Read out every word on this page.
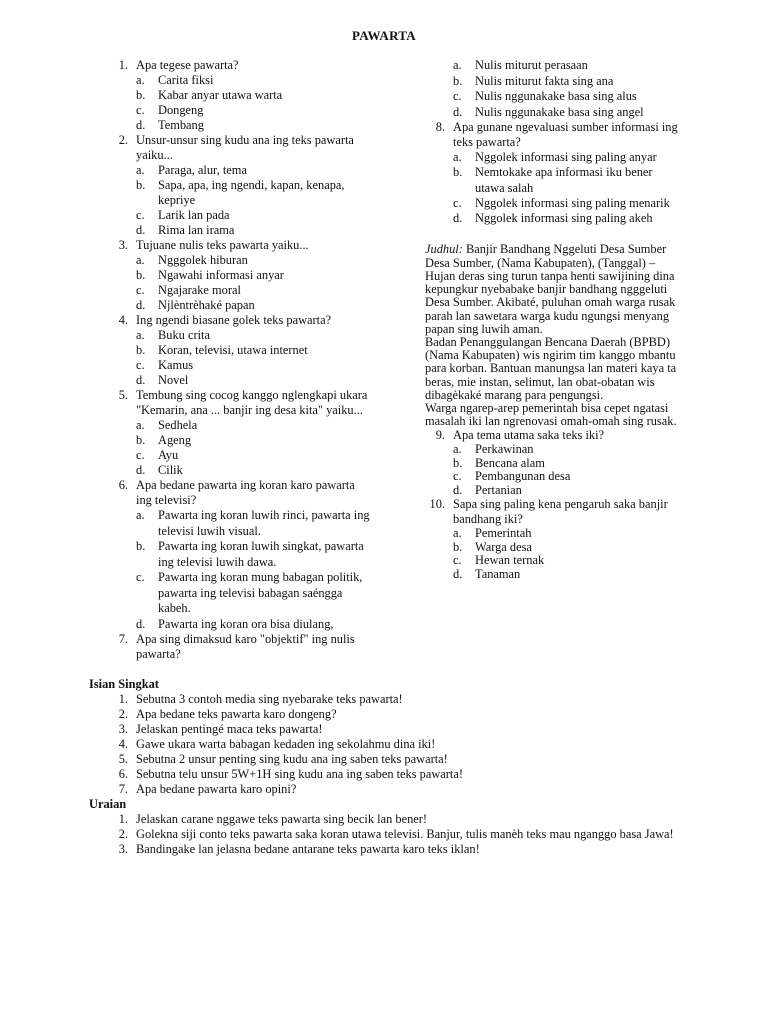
PAWARTA
1. Apa tegese pawarta?
a. Carita fiksi
b. Kabar anyar utawa warta
c. Dongeng
d. Tembang
2. Unsur-unsur sing kudu ana ing teks pawarta yaiku...
a. Paraga, alur, tema
b. Sapa, apa, ing ngendi, kapan, kenapa, kepriye
c. Larik lan pada
d. Rima lan irama
3. Tujuane nulis teks pawarta yaiku...
a. Ngggolek hiburan
b. Ngawahi informasi anyar
c. Ngajarake moral
d. Njlèntrèhaké papan
4. Ing ngendi biasane golek teks pawarta?
a. Buku crita
b. Koran, televisi, utawa internet
c. Kamus
d. Novel
5. Tembung sing cocog kanggo nglengkapi ukara "Kemarin, ana ... banjir ing desa kita" yaiku...
a. Sedhela
b. Ageng
c. Ayu
d. Cilik
6. Apa bedane pawarta ing koran karo pawarta ing televisi?
a. Pawarta ing koran luwih rinci, pawarta ing televisi luwih visual.
b. Pawarta ing koran luwih singkat, pawarta ing televisi luwih dawa.
c. Pawarta ing koran mung babagan politik, pawarta ing televisi babagan saéngga kabeh.
d. Pawarta ing koran ora bisa diulang,
7. Apa sing dimaksud karo "objektif" ing nulis pawarta?
a. Nulis miturut perasaan
b. Nulis miturut fakta sing ana
c. Nulis nggunakake basa sing alus
d. Nulis nggunakake basa sing angel
8. Apa gunane ngevaluasi sumber informasi ing teks pawarta?
a. Nggolek informasi sing paling anyar
b. Nemtokake apa informasi iku bener utawa salah
c. Nggolek informasi sing paling menarik
d. Nggolek informasi sing paling akeh

Judhul: Banjir Bandhang Nggeluti Desa Sumber

Desa Sumber, (Nama Kabupaten), (Tanggal) – Hujan deras sing turun tanpa henti sawijining dina kepungkur nyebabake banjir bandhang ngggeluti Desa Sumber. Akibaté, puluhan omah warga rusak parah lan sawetara warga kudu ngungsi menyang papan sing luwih aman.

Badan Penanggulangan Bencana Daerah (BPBD) (Nama Kabupaten) wis ngirim tim kanggo mbantu para korban. Bantuan manungsa lan materi kaya ta beras, mie instan, selimut, lan obat-obatan wis dibagèkaké marang para pengungsi.

Warga ngarep-arep pemerintah bisa cepet ngatasi masalah iki lan ngrenovasi omah-omah sing rusak.

9. Apa tema utama saka teks iki?
a. Perkawinan
b. Bencana alam
c. Pembangunan desa
d. Pertanian
10. Sapa sing paling kena pengaruh saka banjir bandhang iki?
a. Pemerintah
b. Warga desa
c. Hewan ternak
d. Tanaman
Isian Singkat
1. Sebutna 3 contoh media sing nyebarake teks pawarta!
2. Apa bedane teks pawarta karo dongeng?
3. Jelaskan pentingé maca teks pawarta!
4. Gawe ukara warta babagan kedaden ing sekolahmu dina iki!
5. Sebutna 2 unsur penting sing kudu ana ing saben teks pawarta!
6. Sebutna telu unsur 5W+1H sing kudu ana ing saben teks pawarta!
7. Apa bedane pawarta karo opini?
Uraian
1. Jelaskan carane nggawe teks pawarta sing becik lan bener!
2. Golekna siji conto teks pawarta saka koran utawa televisi. Banjur, tulis manèh teks mau nganggo basa Jawa!
3. Bandingake lan jelasna bedane antarane teks pawarta karo teks iklan!
